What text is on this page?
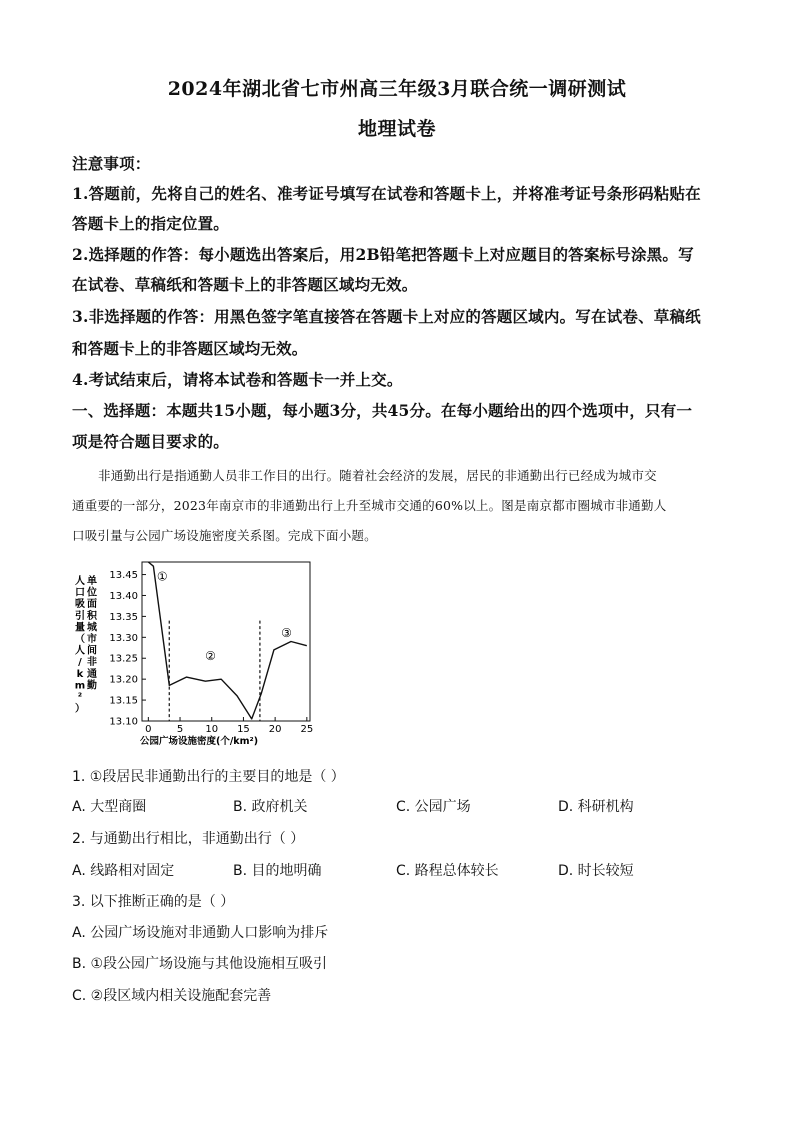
2024年湖北省七市州高三年级3月联合统一调研测试
地理试卷
注意事项：
1.答题前，先将自己的姓名、准考证号填写在试卷和答题卡上，并将准考证号条形码粘贴在
答题卡上的指定位置。
2.选择题的作答：每小题选出答案后，用2B铅笔把答题卡上对应题目的答案标号涂黑。写
在试卷、草稿纸和答题卡上的非答题区域均无效。
3.非选择题的作答：用黑色签字笔直接答在答题卡上对应的答题区域内。写在试卷、草稿纸
和答题卡上的非答题区域均无效。
4.考试结束后，请将本试卷和答题卡一并上交。
一、选择题：本题共15小题，每小题3分，共45分。在每小题给出的四个选项中，只有一
项是符合题目要求的。
非通勤出行是指通勤人员非工作目的出行。随着社会经济的发展，居民的非通勤出行已经成为城市交
通重要的一部分，2023年南京市的非通勤出行上升至城市交通的60%以上。图是南京都市圈城市非通勤人
口吸引量与公园广场设施密度关系图。完成下面小题。
13.45
13.40
13.35
13.30
13.25
13.20
13.15
13.10
0	5 10 15 20 25
公园广场设施密度(个/km²)
单
位
面
积
城
市
间
非
通
勤
人
口
吸
引
量
（
人
/
k
m
²
）
①
②
③
1. ①段居民非通勤出行的主要目的地是（ ）
A. 大型商圈	B. 政府机关	C. 公园广场	D. 科研机构
2. 与通勤出行相比，非通勤出行（ ）
A. 线路相对固定	B. 目的地明确	C. 路程总体较长	D. 时长较短
3. 以下推断正确的是（ ）
A. 公园广场设施对非通勤人口影响为排斥
B. ①段公园广场设施与其他设施相互吸引
C. ②段区域内相关设施配套完善
